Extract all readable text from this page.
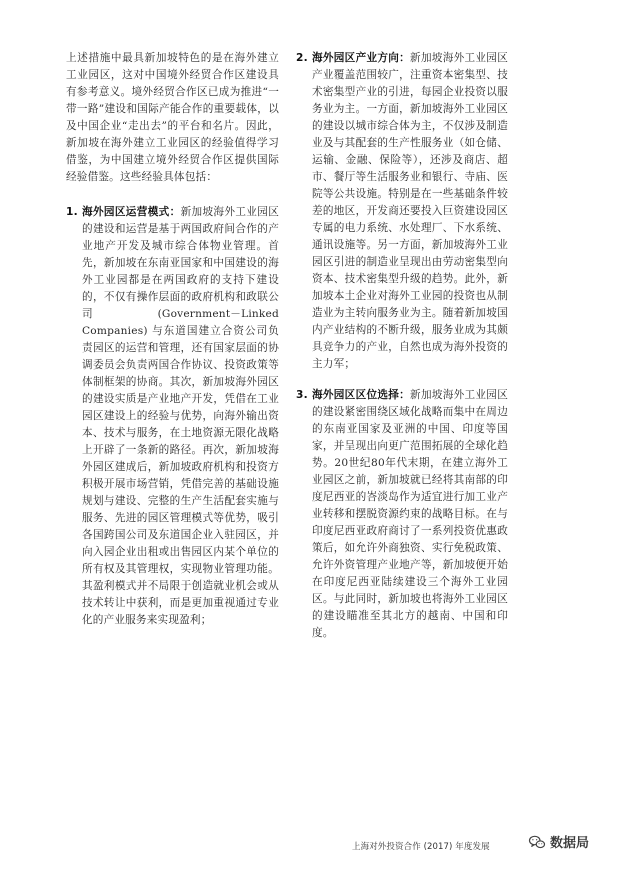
上述措施中最具新加坡特色的是在海外建立工业园区，这对中国境外经贸合作区建设具有参考意义。境外经贸合作区已成为推进“一带一路”建设和国际产能合作的重要载体，以及中国企业“走出去”的平台和名片。因此，新加坡在海外建立工业园区的经验值得学习借鉴，为中国建立境外经贸合作区提供国际经验借鉴。这些经验具体包括：

1. 海外园区运营模式：新加坡海外工业园区的建设和运营是基于两国政府间合作的产业地产开发及城市综合体物业管理。首先，新加坡在东南亚国家和中国建设的海外工业园都是在两国政府的支持下建设的，不仅有操作层面的政府机构和政联公司 (Government－Linked Companies) 与东道国建立合资公司负责园区的运营和管理，还有国家层面的协调委员会负责两国合作协议、投资政策等体制框架的协商。其次，新加坡海外园区的建设实质是产业地产开发，凭借在工业园区建设上的经验与优势，向海外输出资本、技术与服务，在土地资源无限化战略上开辟了一条新的路径。再次，新加坡海外园区建成后，新加坡政府机构和投资方积极开展市场营销，凭借完善的基础设施规划与建设、完整的生产生活配套实施与服务、先进的园区管理模式等优势，吸引各国跨国公司及东道国企业入驻园区，并向入园企业出租或出售园区内某个单位的所有权及其管理权，实现物业管理功能。其盈利模式并不局限于创造就业机会或从技术转让中获利，而是更加重视通过专业化的产业服务来实现盈利；
2. 海外园区产业方向：新加坡海外工业园区产业覆盖范围较广，注重资本密集型、技术密集型产业的引进，每园企业投资以服务业为主。一方面，新加坡海外工业园区的建设以城市综合体为主，不仅涉及制造业及与其配套的生产性服务业（如仓储、运输、金融、保险等），还涉及商店、超市、餐厅等生活服务业和银行、寺庙、医院等公共设施。特别是在一些基础条件较差的地区，开发商还要投入巨资建设园区专属的电力系统、水处理厂、下水系统、通讯设施等。另一方面，新加坡海外工业园区引进的制造业呈现出由劳动密集型向资本、技术密集型升级的趋势。此外，新加坡本土企业对海外工业园的投资也从制造业为主转向服务业为主。随着新加坡国内产业结构的不断升级，服务业成为其颇具竞争力的产业，自然也成为海外投资的主力军；
3. 海外园区区位选择：新加坡海外工业园区的建设紧密围绕区域化战略而集中在周边的东南亚国家及亚洲的中国、印度等国家，并呈现出向更广范围拓展的全球化趋势。20世纪80年代末期，在建立海外工业园区之前，新加坡就已经将其南部的印度尼西亚的峇淡岛作为适宜进行加工业产业转移和摆脱资源约束的战略目标。在与印度尼西亚政府商讨了一系列投资优惠政策后，如允许外商独资、实行免税政策、允许外资管理产业地产等，新加坡便开始在印度尼西亚陆续建设三个海外工业园区。与此同时，新加坡也将海外工业园区的建设瞄准至其北方的越南、中国和印度。
上海对外投资合作 (2017) 年度发展	数据局
